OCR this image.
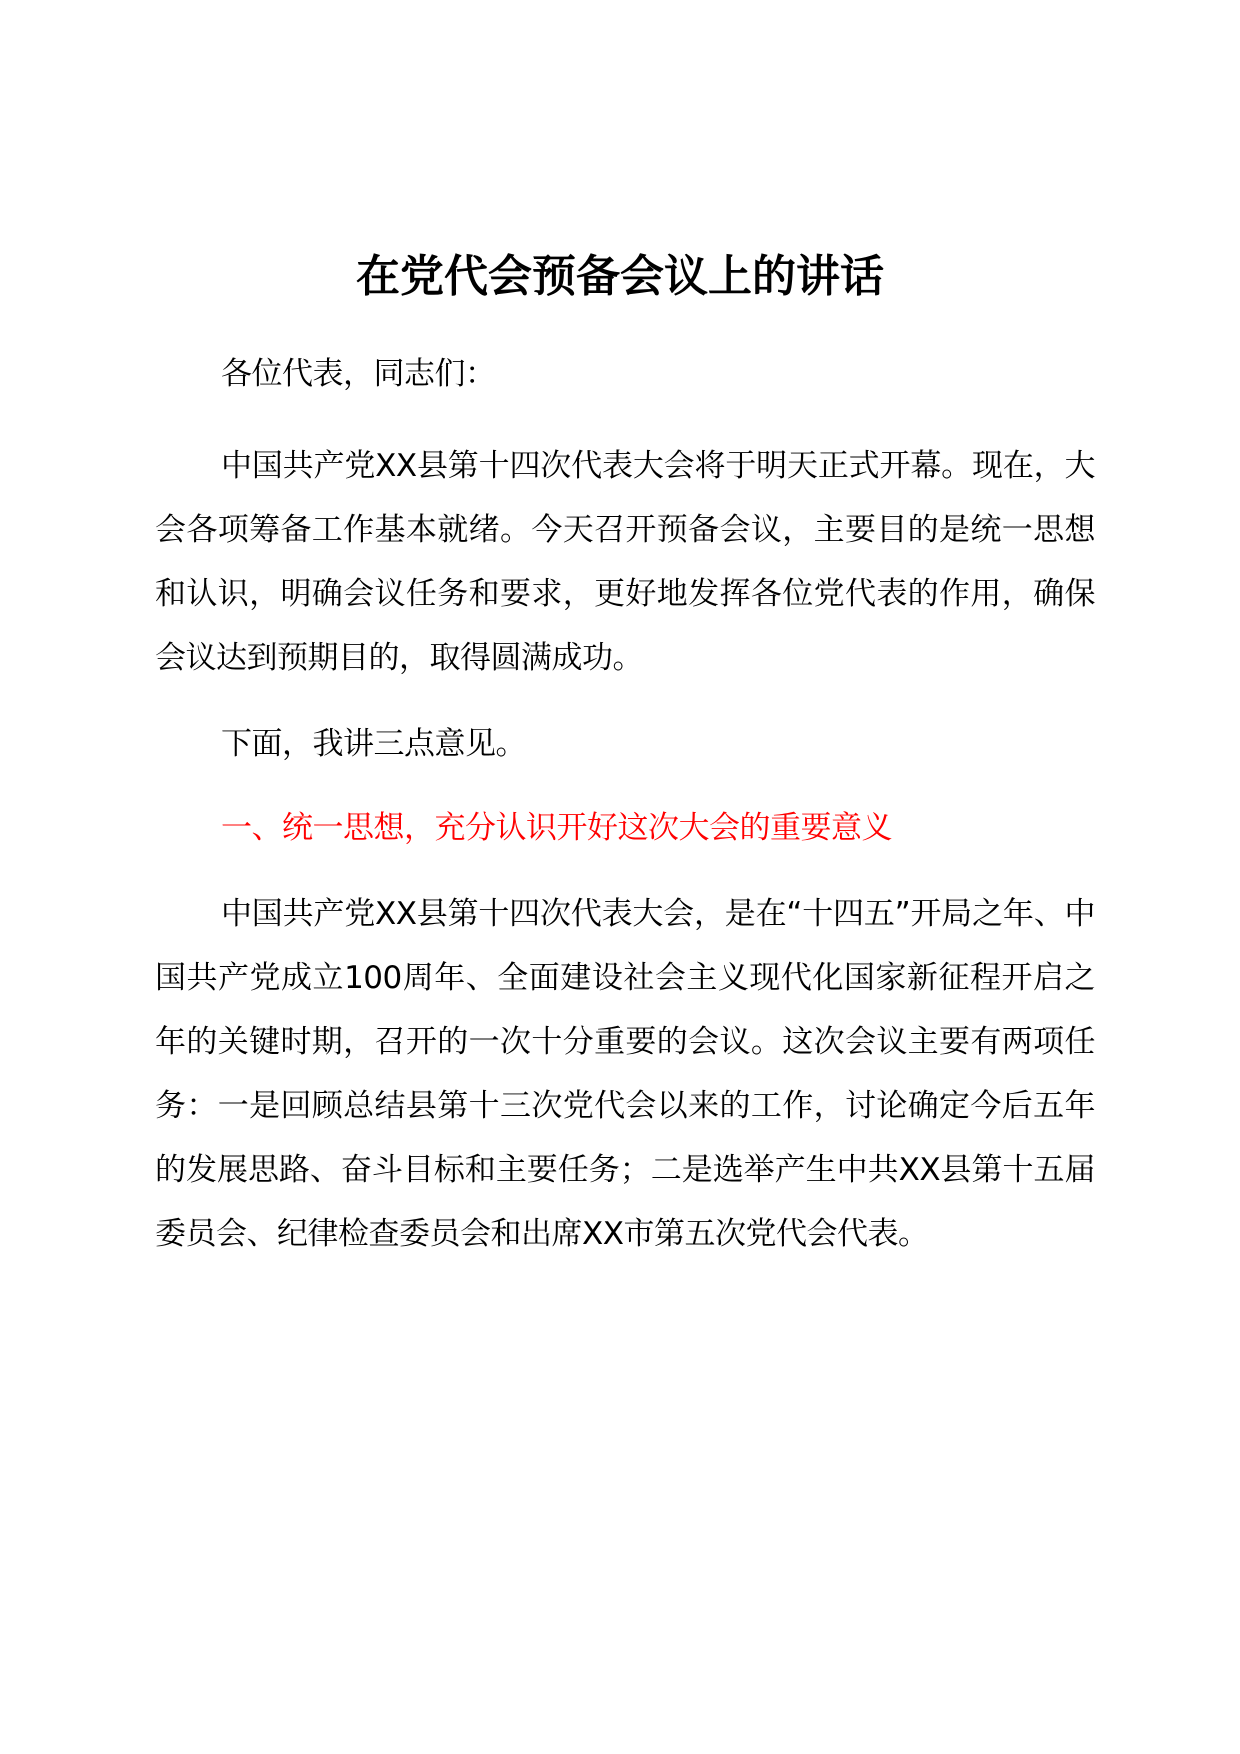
在党代会预备会议上的讲话
各位代表，同志们：
中国共产党XX县第十四次代表大会将于明天正式开幕。现在，大会各项筹备工作基本就绪。今天召开预备会议，主要目的是统一思想和认识，明确会议任务和要求，更好地发挥各位党代表的作用，确保会议达到预期目的，取得圆满成功。
下面，我讲三点意见。
一、统一思想，充分认识开好这次大会的重要意义
中国共产党XX县第十四次代表大会，是在“十四五”开局之年、中国共产党成立100周年、全面建设社会主义现代化国家新征程开启之年的关键时期，召开的一次十分重要的会议。这次会议主要有两项任务：一是回顾总结县第十三次党代会以来的工作，讨论确定今后五年的发展思路、奋斗目标和主要任务；二是选举产生中共XX县第十五届委员会、纪律检查委员会和出席XX市第五次党代会代表。
